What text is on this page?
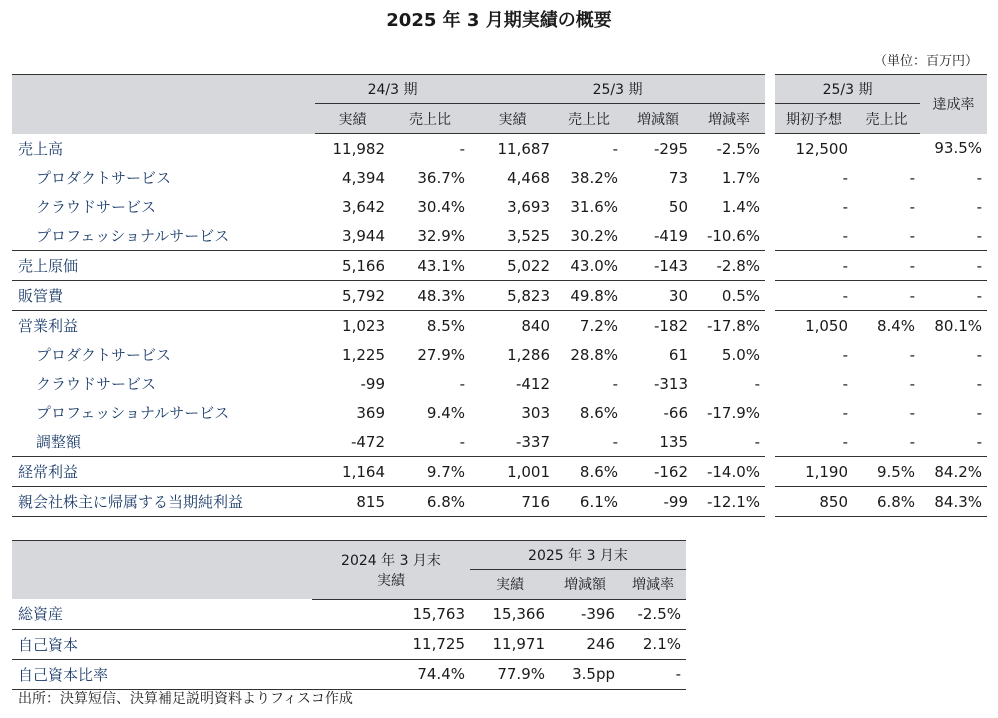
2025 年 3 月期実績の概要
（単位：百万円）
	24/3 期		25/3 期					25/3 期		達成率
	実績	売上比	実績	売上比	増減額	増減率		期初予想	売上比	
売上高	11,982	-	11,687	-	-295	-2.5%		12,500		93.5%
プロダクトサービス	4,394	36.7%	4,468	38.2%	73	1.7%		-	-	-
クラウドサービス	3,642	30.4%	3,693	31.6%	50	1.4%		-	-	-
プロフェッショナルサービス	3,944	32.9%	3,525	30.2%	-419	-10.6%		-	-	-
売上原価	5,166	43.1%	5,022	43.0%	-143	-2.8%		-	-	-
販管費	5,792	48.3%	5,823	49.8%	30	0.5%		-	-	-
営業利益	1,023	8.5%	840	7.2%	-182	-17.8%		1,050	8.4%	80.1%
プロダクトサービス	1,225	27.9%	1,286	28.8%	61	5.0%		-	-	-
クラウドサービス	-99	-	-412	-	-313	-		-	-	-
プロフェッショナルサービス	369	9.4%	303	8.6%	-66	-17.9%		-	-	-
調整額	-472	-	-337	-	135	-		-	-	-
経常利益	1,164	9.7%	1,001	8.6%	-162	-14.0%		1,190	9.5%	84.2%
親会社株主に帰属する当期純利益	815	6.8%	716	6.1%	-99	-12.1%		850	6.8%	84.3%
	2024 年 3 月末	2025 年 3 月末		
	実績	実績	増減額	増減率
総資産	15,763	15,366	-396	-2.5%
自己資本	11,725	11,971	246	2.1%
自己資本比率	74.4%	77.9%	3.5pp	-
出所：決算短信、決算補足説明資料よりフィスコ作成
